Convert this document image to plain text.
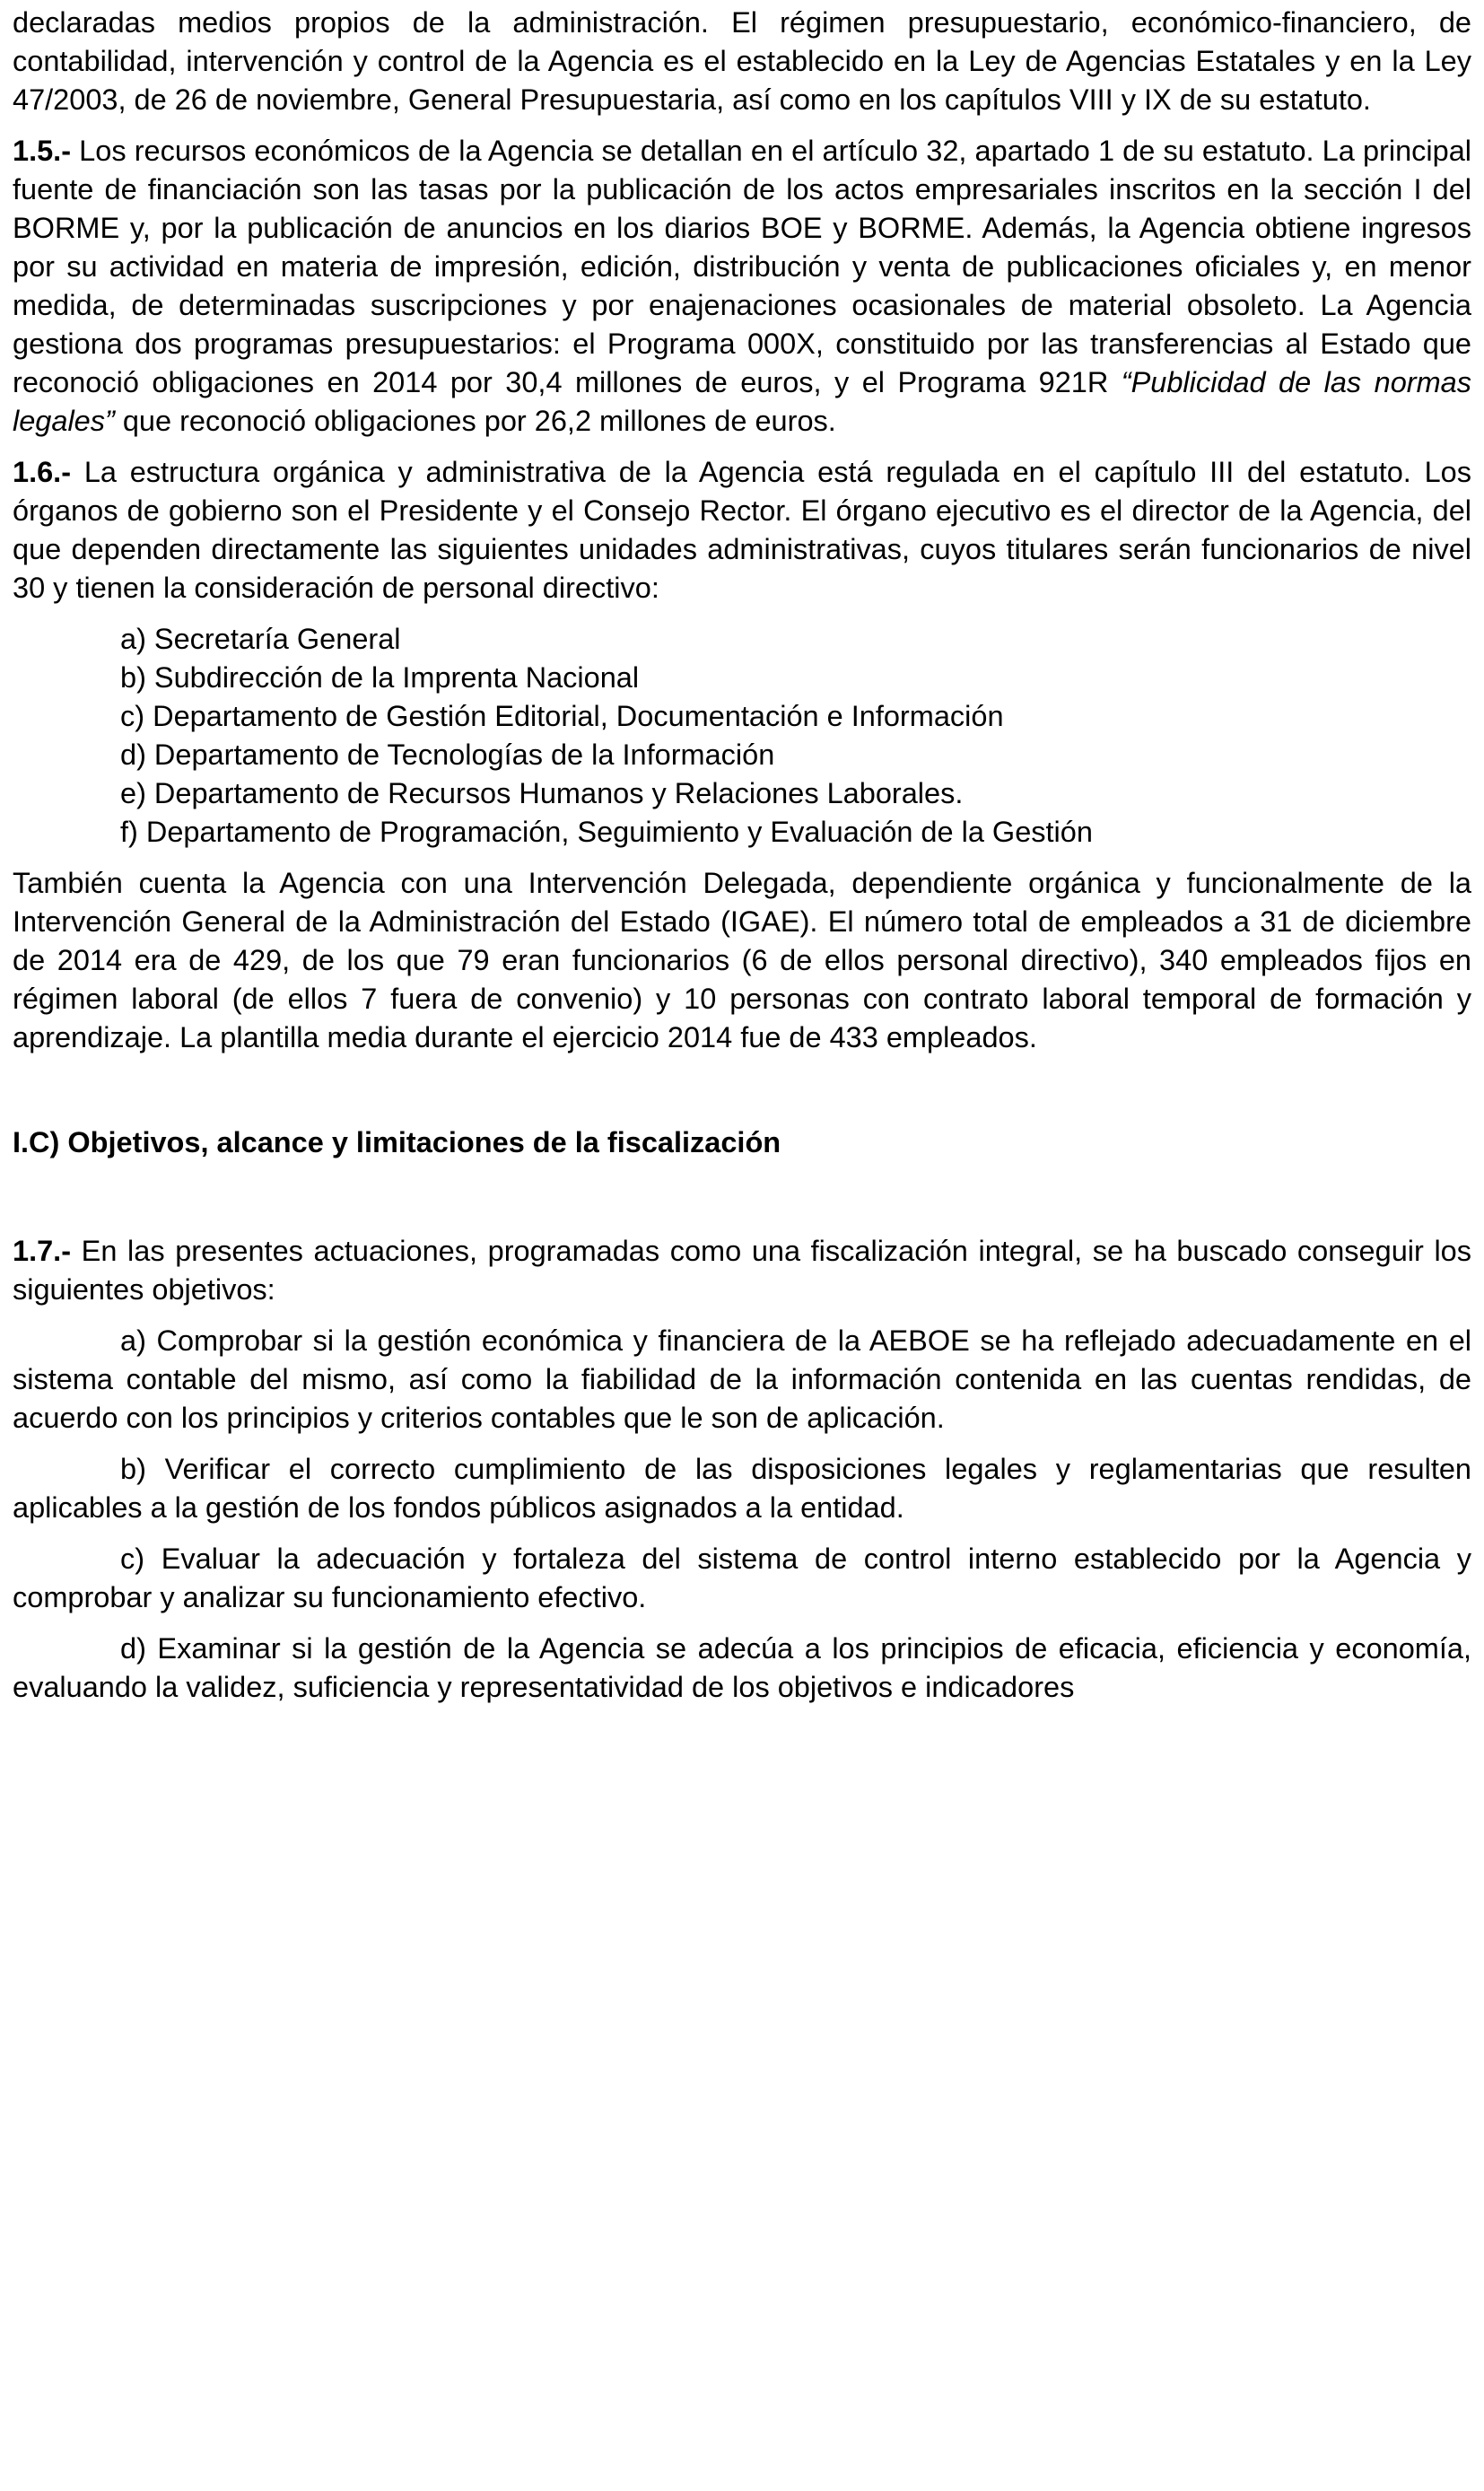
declaradas medios propios de la administración. El régimen presupuestario, económico-financiero, de contabilidad, intervención y control de la Agencia es el establecido en la Ley de Agencias Estatales y en la Ley 47/2003, de 26 de noviembre, General Presupuestaria, así como en los capítulos VIII y IX de su estatuto.

1.5.- Los recursos económicos de la Agencia se detallan en el artículo 32, apartado 1 de su estatuto. La principal fuente de financiación son las tasas por la publicación de los actos empresariales inscritos en la sección I del BORME y, por la publicación de anuncios en los diarios BOE y BORME. Además, la Agencia obtiene ingresos por su actividad en materia de impresión, edición, distribución y venta de publicaciones oficiales y, en menor medida, de determinadas suscripciones y por enajenaciones ocasionales de material obsoleto. La Agencia gestiona dos programas presupuestarios: el Programa 000X, constituido por las transferencias al Estado que reconoció obligaciones en 2014 por 30,4 millones de euros, y el Programa 921R “Publicidad de las normas legales” que reconoció obligaciones por 26,2 millones de euros.

1.6.- La estructura orgánica y administrativa de la Agencia está regulada en el capítulo III del estatuto. Los órganos de gobierno son el Presidente y el Consejo Rector. El órgano ejecutivo es el director de la Agencia, del que dependen directamente las siguientes unidades administrativas, cuyos titulares serán funcionarios de nivel 30 y tienen la consideración de personal directivo:

a) Secretaría General
b) Subdirección de la Imprenta Nacional
c) Departamento de Gestión Editorial, Documentación e Información
d) Departamento de Tecnologías de la Información
e) Departamento de Recursos Humanos y Relaciones Laborales.
f) Departamento de Programación, Seguimiento y Evaluación de la Gestión

También cuenta la Agencia con una Intervención Delegada, dependiente orgánica y funcionalmente de la Intervención General de la Administración del Estado (IGAE). El número total de empleados a 31 de diciembre de 2014 era de 429, de los que 79 eran funcionarios (6 de ellos personal directivo), 340 empleados fijos en régimen laboral (de ellos 7 fuera de convenio) y 10 personas con contrato laboral temporal de formación y aprendizaje. La plantilla media durante el ejercicio 2014 fue de 433 empleados.

I.C) Objetivos, alcance y limitaciones de la fiscalización

1.7.- En las presentes actuaciones, programadas como una fiscalización integral, se ha buscado conseguir los siguientes objetivos:

a) Comprobar si la gestión económica y financiera de la AEBOE se ha reflejado adecuadamente en el sistema contable del mismo, así como la fiabilidad de la información contenida en las cuentas rendidas, de acuerdo con los principios y criterios contables que le son de aplicación.

b) Verificar el correcto cumplimiento de las disposiciones legales y reglamentarias que resulten aplicables a la gestión de los fondos públicos asignados a la entidad.

c) Evaluar la adecuación y fortaleza del sistema de control interno establecido por la Agencia y comprobar y analizar su funcionamiento efectivo.

d) Examinar si la gestión de la Agencia se adecúa a los principios de eficacia, eficiencia y economía, evaluando la validez, suficiencia y representatividad de los objetivos e indicadores
